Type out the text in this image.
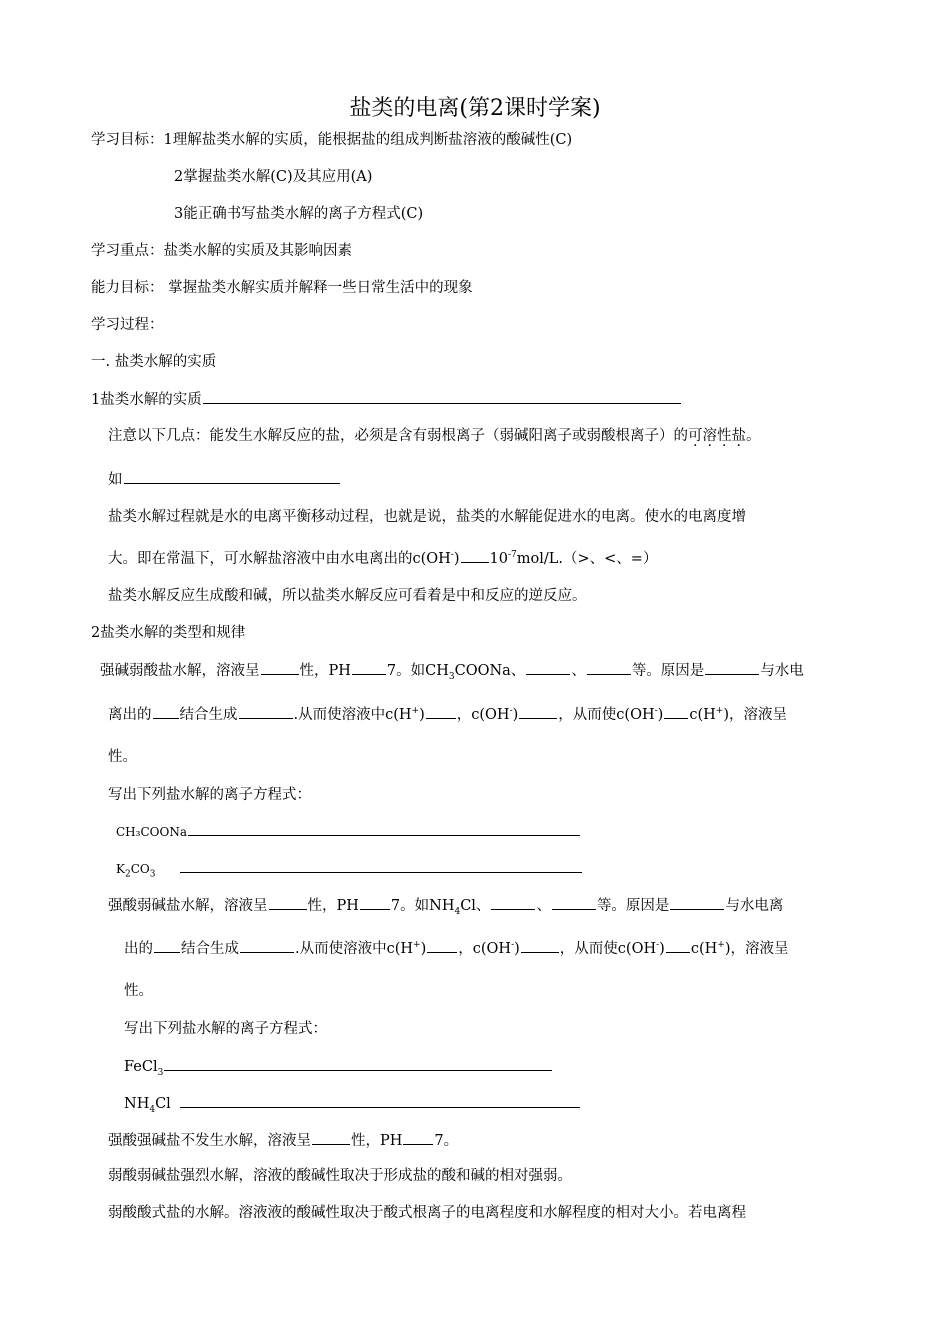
盐类的电离(第2课时学案)
学习目标：1理解盐类水解的实质，能根据盐的组成判断盐溶液的酸碱性(C)
2掌握盐类水解(C)及其应用(A)
3能正确书写盐类水解的离子方程式(C)
学习重点：盐类水解的实质及其影响因素
能力目标： 掌握盐类水解实质并解释一些日常生活中的现象
学习过程：
一. 盐类水解的实质
1盐类水解的实质
注意以下几点：能发生水解反应的盐，必须是含有弱根离子（弱碱阳离子或弱酸根离子）的可溶性盐。
如
盐类水解过程就是水的电离平衡移动过程，也就是说，盐类的水解能促进水的电离。使水的电离度增
大。即在常温下，可水解盐溶液中由水电离出的c(OH-) $10^{-7}mol/L.(>$、<、=）
盐类水解反应生成酸和碱，所以盐类水解反应可看着是中和反应的逆反应。
2盐类水解的类型和规律
强碱弱酸盐水解，溶液呈	性，PH 7。如$CH_3COONa$、	、	等。原因是	与水电
离出的 结合生成	.从而使溶液中c(H+) ，c(OH-)	，从而使c(OH-) c(H+)，溶液呈
性。
写出下列盐水解的离子方程式：
CH₃COONa
$K_2CO_3$
强酸弱碱盐水解，溶液呈	性，PH 7。如$NH_4Cl$、	、	等。原因是	与水电离
出的 结合生成	.从而使溶液中c(H+) ，c(OH-)	，从而使c(OH-) c(H+)，溶液呈
性。
写出下列盐水解的离子方程式：
FeCl$_3$
$NH_4Cl$
强酸强碱盐不发生水解，溶液呈	性，PH 7。
弱酸弱碱盐强烈水解，溶液的酸碱性取决于形成盐的酸和碱的相对强弱。
弱酸酸式盐的水解。溶液液的酸碱性取决于酸式根离子的电离程度和水解程度的相对大小。若电离程
